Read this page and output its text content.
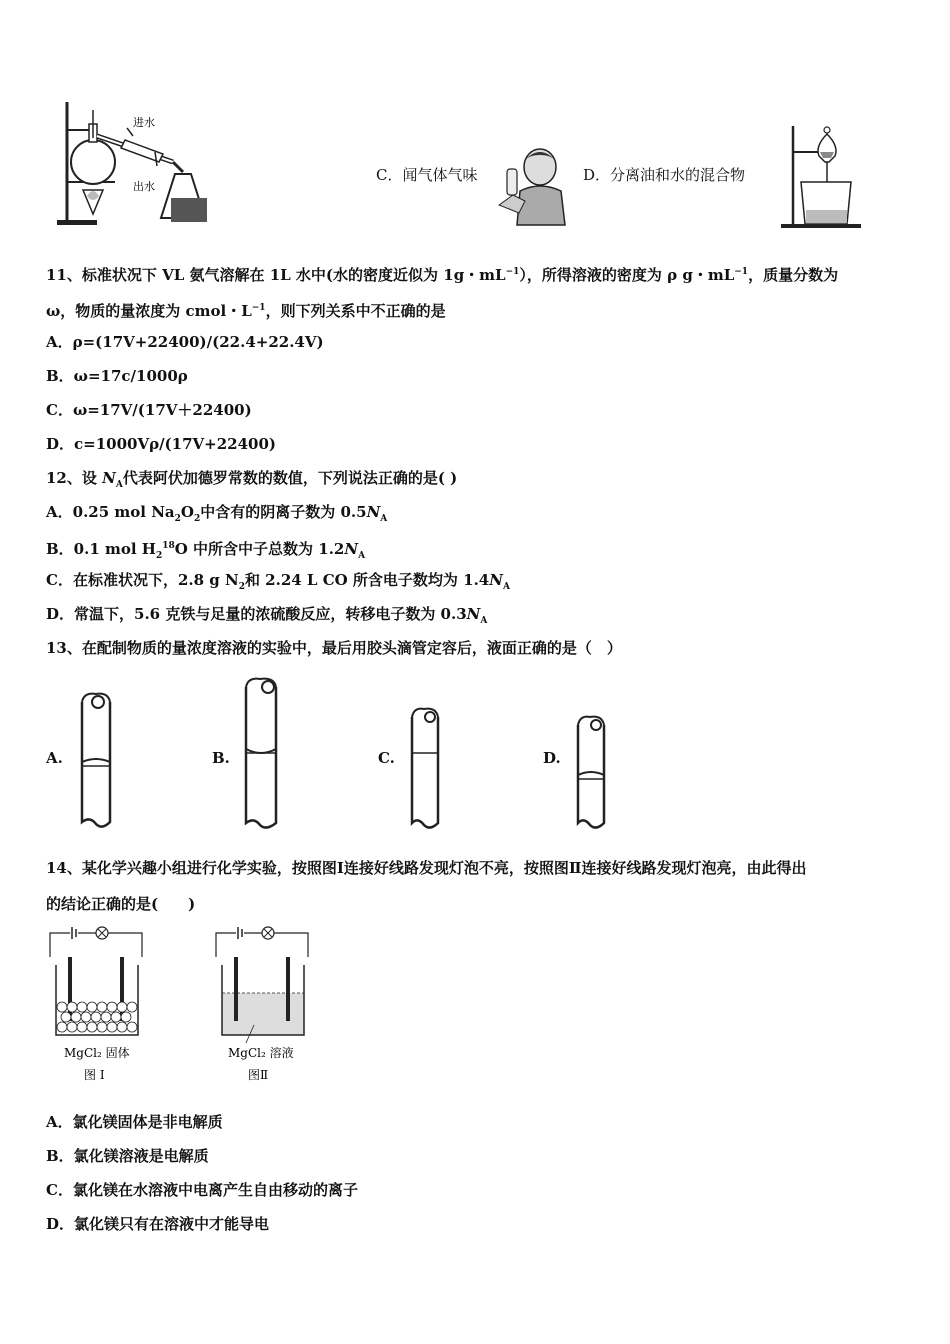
进水
出水
C．闻气体气味	D．分离油和水的混合物
11、标准状况下 VL 氨气溶解在 1L 水中(水的密度近似为 1g・$mL^{-1}$），所得溶液的密度为 ρ g・$mL^{-1}$，质量分数为
ω，物质的量浓度为 cmol・$L^{-1}$，则下列关系中不正确的是
A．ρ=(17V+22400)/(22.4+22.4V)
B．ω=17c/1000ρ
C．ω=17V/(17V＋22400)
D．c=1000Vρ/(17V+22400)
12、设 $N_A$代表阿伏加德罗常数的数值，下列说法正确的是( )
A．0.25 mol $Na_2O_2$中含有的阴离子数为 $0.5N_A$
B．0.1 mol $H_2^{18}O$ 中所含中子总数为 $1.2N_A$
C．在标准状况下，2.8 g $N_2$和 2.24 L CO 所含电子数均为 $1.4N_A$
D．常温下，5.6 克铁与足量的浓硫酸反应，转移电子数为 $0.3N_A$
13、在配制物质的量浓度溶液的实验中，最后用胶头滴管定容后，液面正确的是（　）
A.	B.	C.	D.
14、某化学兴趣小组进行化学实验，按照图Ⅰ连接好线路发现灯泡不亮，按照图Ⅱ连接好线路发现灯泡亮，由此得出
的结论正确的是(　　)
MgCl₂ 固体
图 I
MgCl₂ 溶液
图Ⅱ
A．氯化镁固体是非电解质
B．氯化镁溶液是电解质
C．氯化镁在水溶液中电离产生自由移动的离子
D．氯化镁只有在溶液中才能导电
